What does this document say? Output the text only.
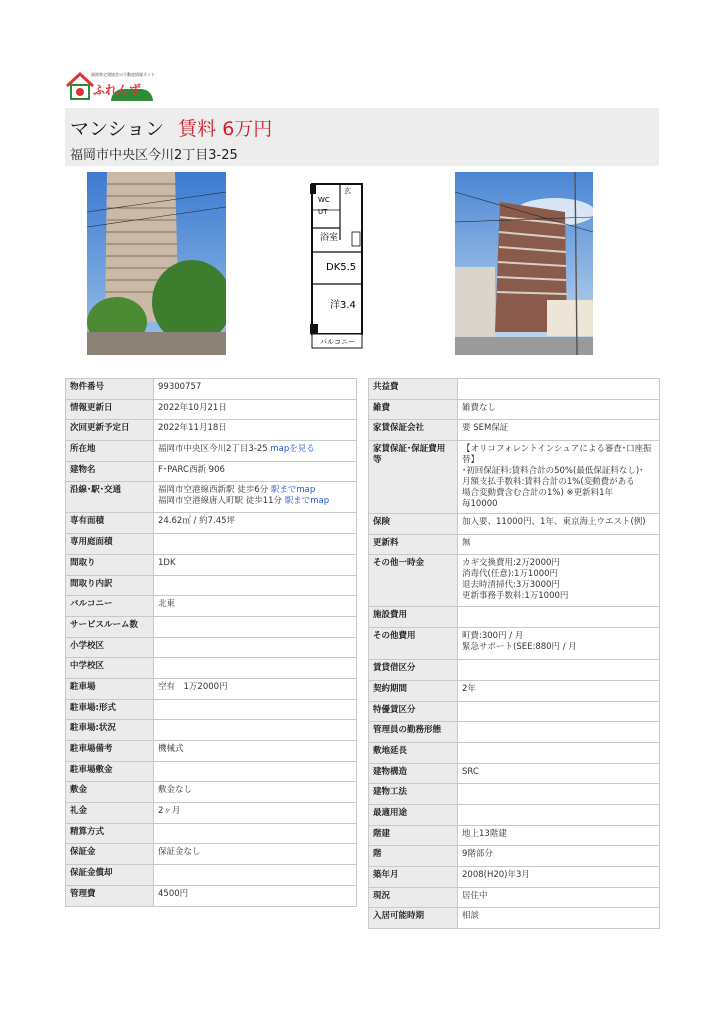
福岡県宅建協会の不動産情報ネット
ふれんず
マンション 賃料 6万円
福岡市中央区今川2丁目3-25
玄
WC
UT
浴室
DK5.5
洋3.4
バルコニー
物件番号	99300757
情報更新日	2022年10月21日
次回更新予定日	2022年11月18日
所在地	福岡市中央区今川2丁目3-25 mapを見る
建物名	F･PARC西新 906
沿線･駅･交通	福岡市空港線西新駅 徒歩6分 駅までmap
福岡市空港線唐人町駅 徒歩11分 駅までmap
専有面積	24.62㎡ / 約7.45坪
専用庭面積	
間取り	1DK
間取り内訳	
バルコニー	北東
サービスルーム数	
小学校区	
中学校区	
駐車場	空有　1万2000円
駐車場:形式	
駐車場:状況	
駐車場備考	機械式
駐車場敷金	
敷金	敷金なし
礼金	2ヶ月
精算方式	
保証金	保証金なし
保証金償却	
管理費	4500円
共益費	
雑費	雑費なし
家賃保証会社	要 SEM保証
家賃保証･保証費用等	【オリコフォレントインシュアによる審査･口座振替】
･初回保証料:賃料合計の50%(最低保証料なし)･
月額支払手数料:賃料合計の1%(変動費がある
場合変動費含む合計の1%) ※更新料1年
毎10000
保険	加入要、11000円、1年、東京海上ウエスト(例)
更新料	無
その他一時金	カギ交換費用:2万2000円
消毒代(任意):1万1000円
退去時清掃代:3万3000円
更新事務手数料:1万1000円
施設費用	
その他費用	町費:300円 / 月
緊急サポート(SEE:880円 / 月
賃貸借区分	
契約期間	2年
特優賃区分	
管理員の勤務形態	
敷地延長	
建物構造	SRC
建物工法	
最適用途	
階建	地上13階建
階	9階部分
築年月	2008(H20)年3月
現況	居住中
入居可能時期	相談
